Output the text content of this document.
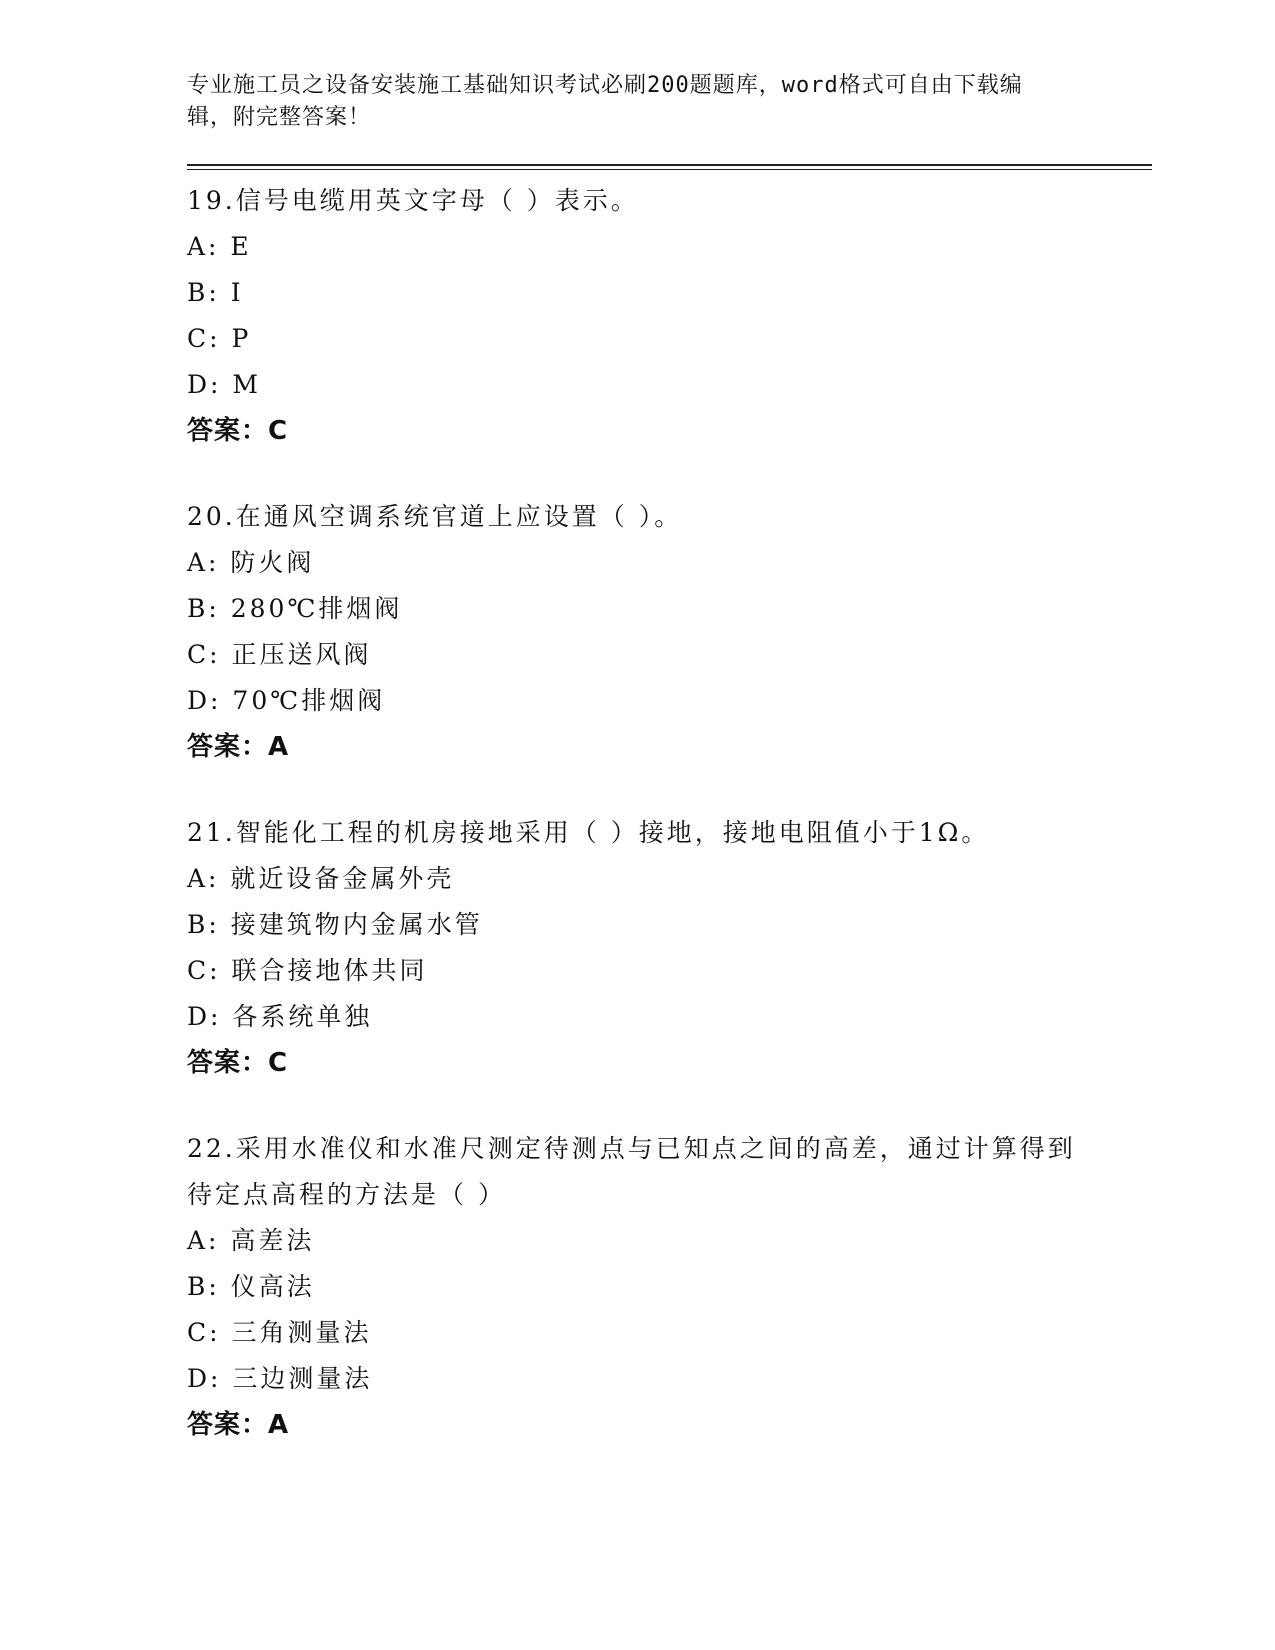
专业施工员之设备安装施工基础知识考试必刷200题题库，word格式可自由下载编辑，附完整答案！
19.信号电缆用英文字母（ ）表示。
A: E
B: I
C: P
D: M
答案：C
20.在通风空调系统官道上应设置（ ）。
A: 防火阀
B: 280℃排烟阀
C: 正压送风阀
D: 70℃排烟阀
答案：A
21.智能化工程的机房接地采用（ ）接地，接地电阻值小于1Ω。
A: 就近设备金属外壳
B: 接建筑物内金属水管
C: 联合接地体共同
D: 各系统单独
答案：C
22.采用水准仪和水准尺测定待测点与已知点之间的高差，通过计算得到待定点高程的方法是（ ）
A: 高差法
B: 仪高法
C: 三角测量法
D: 三边测量法
答案：A
